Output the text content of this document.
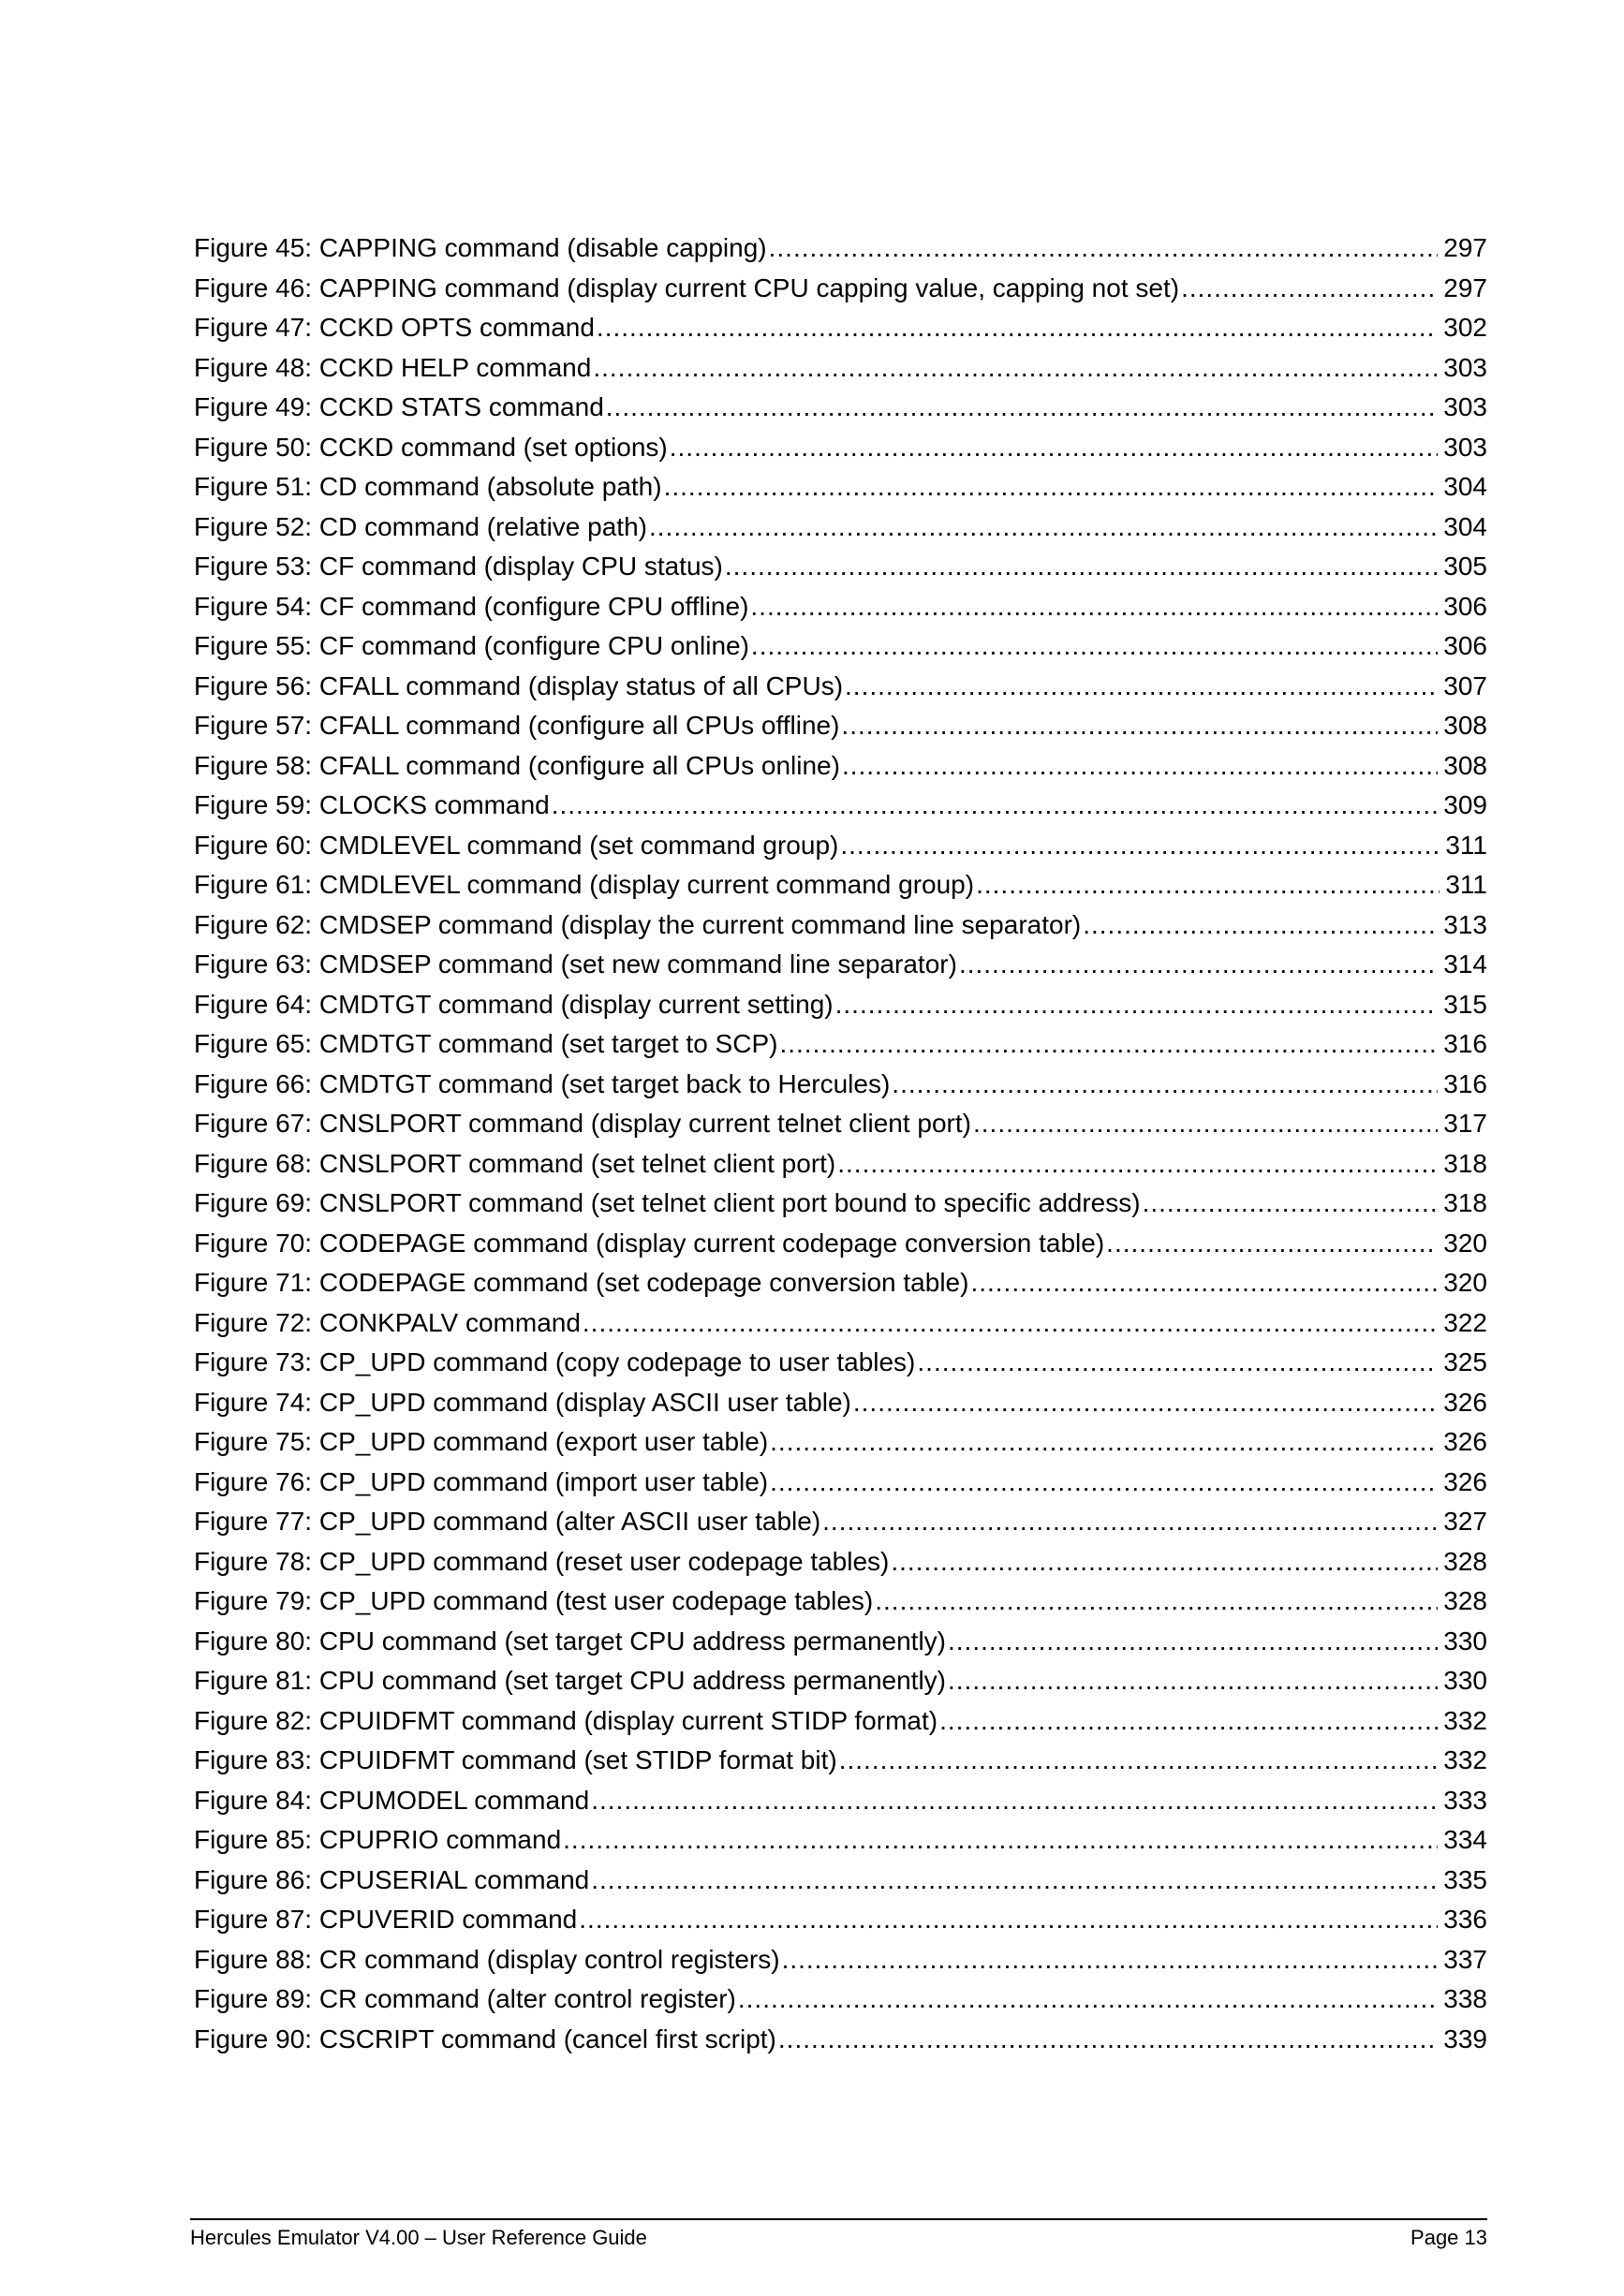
Figure 45: CAPPING command (disable capping) .....	297
Figure 46: CAPPING command (display current CPU capping value, capping not set) .....	297
Figure 47: CCKD OPTS command .....	302
Figure 48: CCKD HELP command .....	303
Figure 49: CCKD STATS command .....	303
Figure 50: CCKD command (set options) .....	303
Figure 51: CD command (absolute path) .....	304
Figure 52: CD command (relative path) .....	304
Figure 53: CF command (display CPU status) .....	305
Figure 54: CF command (configure CPU offline) .....	306
Figure 55: CF command (configure CPU online) .....	306
Figure 56: CFALL command (display status of all CPUs) .....	307
Figure 57: CFALL command (configure all CPUs offline) .....	308
Figure 58: CFALL command (configure all CPUs online) .....	308
Figure 59: CLOCKS command .....	309
Figure 60: CMDLEVEL command (set command group) .....	311
Figure 61: CMDLEVEL command (display current command group) .....	311
Figure 62: CMDSEP command (display the current command line separator) .....	313
Figure 63: CMDSEP command (set new command line separator) .....	314
Figure 64: CMDTGT command (display current setting) .....	315
Figure 65: CMDTGT command (set target to SCP) .....	316
Figure 66: CMDTGT command (set target back to Hercules) .....	316
Figure 67: CNSLPORT command (display current telnet client port) .....	317
Figure 68: CNSLPORT command (set telnet client port) .....	318
Figure 69: CNSLPORT command (set telnet client port bound to specific address) .....	318
Figure 70: CODEPAGE command (display current codepage conversion table) .....	320
Figure 71: CODEPAGE command (set codepage conversion table) .....	320
Figure 72: CONKPALV command .....	322
Figure 73: CP_UPD command (copy codepage to user tables) .....	325
Figure 74: CP_UPD command (display ASCII user table) .....	326
Figure 75: CP_UPD command (export user table) .....	326
Figure 76: CP_UPD command (import user table) .....	326
Figure 77: CP_UPD command (alter ASCII user table) .....	327
Figure 78: CP_UPD command (reset user codepage tables) .....	328
Figure 79: CP_UPD command (test user codepage tables) .....	328
Figure 80: CPU command (set target CPU address permanently) .....	330
Figure 81: CPU command (set target CPU address permanently) .....	330
Figure 82: CPUIDFMT command (display current STIDP format) .....	332
Figure 83: CPUIDFMT command (set STIDP format bit) .....	332
Figure 84: CPUMODEL command .....	333
Figure 85: CPUPRIO command .....	334
Figure 86: CPUSERIAL command .....	335
Figure 87: CPUVERID command .....	336
Figure 88: CR command (display control registers) .....	337
Figure 89: CR command (alter control register) .....	338
Figure 90: CSCRIPT command (cancel first script) .....	339
Hercules Emulator V4.00 – User Reference Guide	Page 13
